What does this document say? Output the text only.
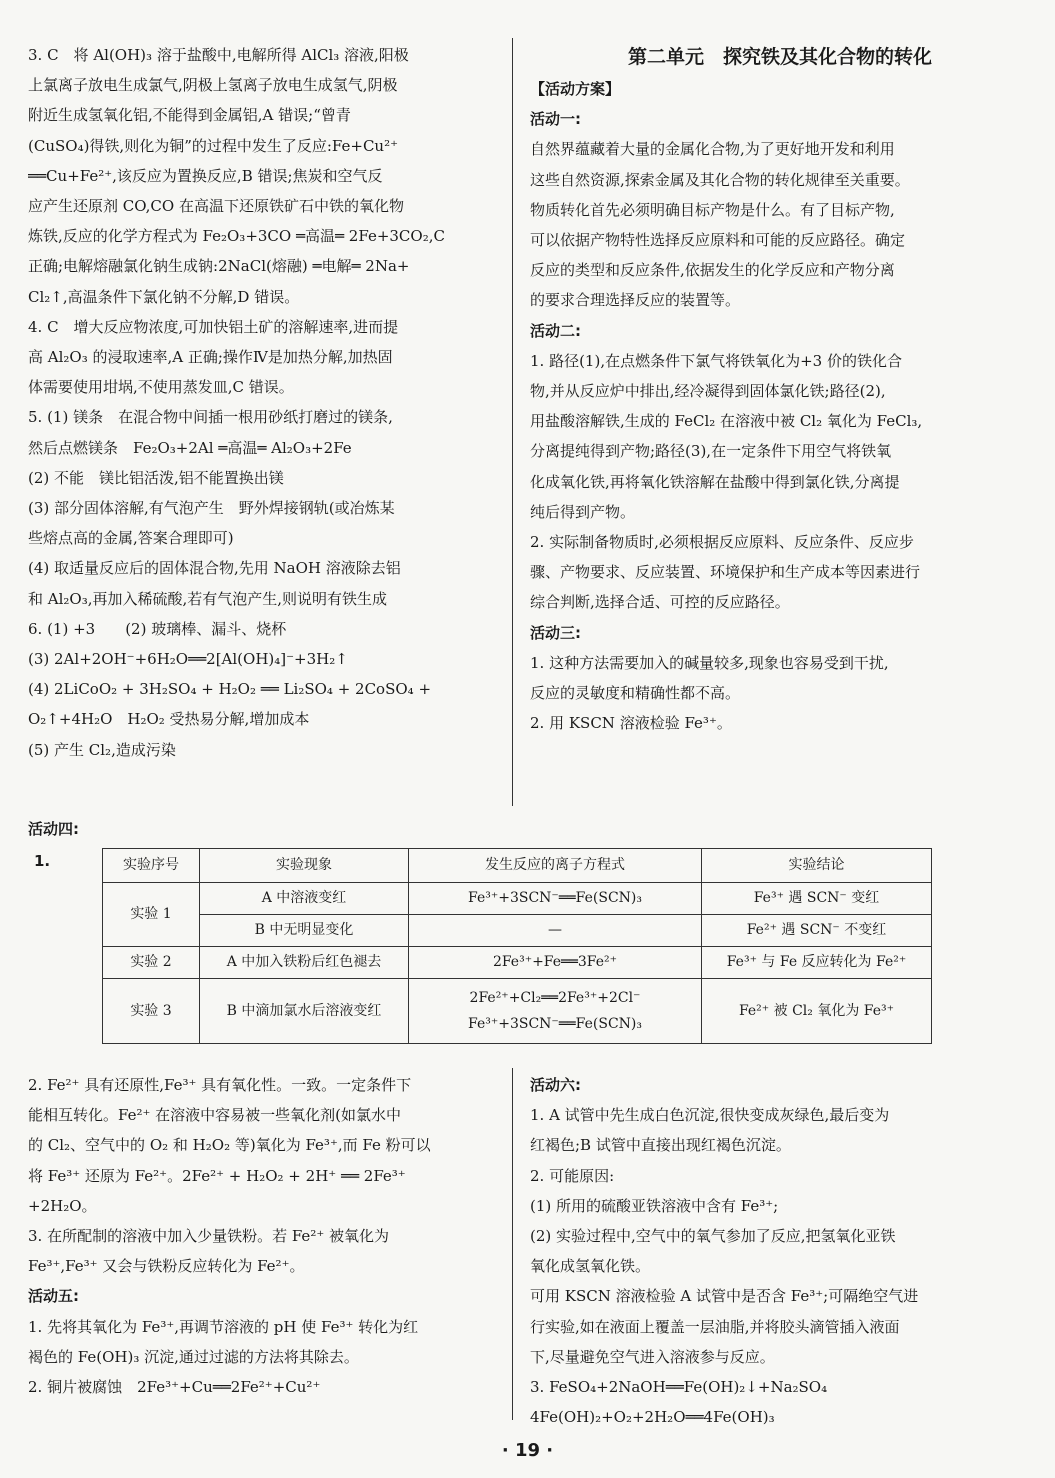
3. C　将 Al(OH)₃ 溶于盐酸中,电解所得 AlCl₃ 溶液,阳极
上氯离子放电生成氯气,阴极上氢离子放电生成氢气,阴极
附近生成氢氧化铝,不能得到金属铝,A 错误;“曾青
(CuSO₄)得铁,则化为铜”的过程中发生了反应:Fe+Cu²⁺
══Cu+Fe²⁺,该反应为置换反应,B 错误;焦炭和空气反
应产生还原剂 CO,CO 在高温下还原铁矿石中铁的氧化物
炼铁,反应的化学方程式为 Fe₂O₃+3CO ═高温═ 2Fe+3CO₂,C
正确;电解熔融氯化钠生成钠:2NaCl(熔融) ═电解═ 2Na+
Cl₂↑,高温条件下氯化钠不分解,D 错误。
4. C　增大反应物浓度,可加快铝土矿的溶解速率,进而提
高 Al₂O₃ 的浸取速率,A 正确;操作Ⅳ是加热分解,加热固
体需要使用坩埚,不使用蒸发皿,C 错误。
5. (1) 镁条　在混合物中间插一根用砂纸打磨过的镁条,
然后点燃镁条　Fe₂O₃+2Al ═高温═ Al₂O₃+2Fe
(2) 不能　镁比铝活泼,铝不能置换出镁
(3) 部分固体溶解,有气泡产生　野外焊接钢轨(或冶炼某
些熔点高的金属,答案合理即可)
(4) 取适量反应后的固体混合物,先用 NaOH 溶液除去铝
和 Al₂O₃,再加入稀硫酸,若有气泡产生,则说明有铁生成
6. (1) +3　　(2) 玻璃棒、漏斗、烧杯
(3) 2Al+2OH⁻+6H₂O══2[Al(OH)₄]⁻+3H₂↑
(4) 2LiCoO₂ + 3H₂SO₄ + H₂O₂ ══ Li₂SO₄ + 2CoSO₄ +
O₂↑+4H₂O　H₂O₂ 受热易分解,增加成本
(5) 产生 Cl₂,造成污染
第二单元　探究铁及其化合物的转化
【活动方案】
活动一:
自然界蕴藏着大量的金属化合物,为了更好地开发和利用
这些自然资源,探索金属及其化合物的转化规律至关重要。
物质转化首先必须明确目标产物是什么。有了目标产物,
可以依据产物特性选择反应原料和可能的反应路径。确定
反应的类型和反应条件,依据发生的化学反应和产物分离
的要求合理选择反应的装置等。
活动二:
1. 路径(1),在点燃条件下氯气将铁氧化为+3 价的铁化合
物,并从反应炉中排出,经冷凝得到固体氯化铁;路径(2),
用盐酸溶解铁,生成的 FeCl₂ 在溶液中被 Cl₂ 氧化为 FeCl₃,
分离提纯得到产物;路径(3),在一定条件下用空气将铁氧
化成氧化铁,再将氧化铁溶解在盐酸中得到氯化铁,分离提
纯后得到产物。
2. 实际制备物质时,必须根据反应原料、反应条件、反应步
骤、产物要求、反应装置、环境保护和生产成本等因素进行
综合判断,选择合适、可控的反应路径。
活动三:
1. 这种方法需要加入的碱量较多,现象也容易受到干扰,
反应的灵敏度和精确性都不高。
2. 用 KSCN 溶液检验 Fe³⁺。
活动四:
1.	实验序号	实验现象	发生反应的离子方程式	实验结论
实验 1	A 中溶液变红	Fe³⁺+3SCN⁻══Fe(SCN)₃	Fe³⁺ 遇 SCN⁻ 变红
	B 中无明显变化	—	Fe²⁺ 遇 SCN⁻ 不变红
实验 2	A 中加入铁粉后红色褪去	2Fe³⁺+Fe══3Fe²⁺	Fe³⁺ 与 Fe 反应转化为 Fe²⁺
实验 3	B 中滴加氯水后溶液变红	2Fe²⁺+Cl₂══2Fe³⁺+2Cl⁻
Fe³⁺+3SCN⁻══Fe(SCN)₃	Fe²⁺ 被 Cl₂ 氧化为 Fe³⁺
2. Fe²⁺ 具有还原性,Fe³⁺ 具有氧化性。一致。一定条件下
能相互转化。Fe²⁺ 在溶液中容易被一些氧化剂(如氯水中
的 Cl₂、空气中的 O₂ 和 H₂O₂ 等)氧化为 Fe³⁺,而 Fe 粉可以
将 Fe³⁺ 还原为 Fe²⁺。2Fe²⁺ + H₂O₂ + 2H⁺ ══ 2Fe³⁺
+2H₂O。
3. 在所配制的溶液中加入少量铁粉。若 Fe²⁺ 被氧化为
Fe³⁺,Fe³⁺ 又会与铁粉反应转化为 Fe²⁺。
活动五:
1. 先将其氧化为 Fe³⁺,再调节溶液的 pH 使 Fe³⁺ 转化为红
褐色的 Fe(OH)₃ 沉淀,通过过滤的方法将其除去。
2. 铜片被腐蚀　2Fe³⁺+Cu══2Fe²⁺+Cu²⁺
活动六:
1. A 试管中先生成白色沉淀,很快变成灰绿色,最后变为
红褐色;B 试管中直接出现红褐色沉淀。
2. 可能原因:
(1) 所用的硫酸亚铁溶液中含有 Fe³⁺;
(2) 实验过程中,空气中的氧气参加了反应,把氢氧化亚铁
氧化成氢氧化铁。
可用 KSCN 溶液检验 A 试管中是否含 Fe³⁺;可隔绝空气进
行实验,如在液面上覆盖一层油脂,并将胶头滴管插入液面
下,尽量避免空气进入溶液参与反应。
3. FeSO₄+2NaOH══Fe(OH)₂↓+Na₂SO₄
4Fe(OH)₂+O₂+2H₂O══4Fe(OH)₃
· 19 ·
